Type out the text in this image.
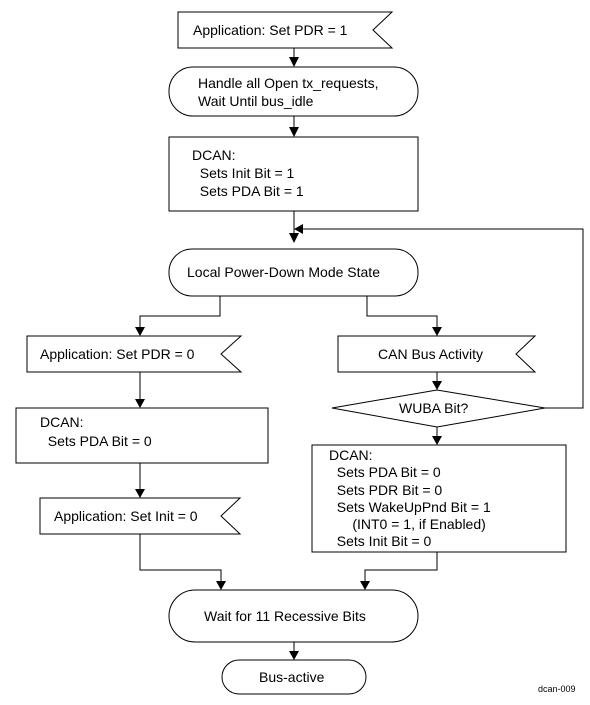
Application: Set PDR = 1
Handle all Open tx_requests,
Wait Until bus_idle
DCAN:
Sets Init Bit = 1
Sets PDA Bit = 1
Local Power-Down Mode State
Application: Set PDR = 0	CAN Bus Activity
WUBA Bit?
DCAN:
Sets PDA Bit = 0
DCAN:
Sets PDA Bit = 0
Sets PDR Bit = 0
Sets WakeUpPnd Bit = 1
(INT0 = 1, if Enabled)
Sets Init Bit = 0
Application: Set Init = 0
Wait for 11 Recessive Bits
Bus-active
dcan-009
